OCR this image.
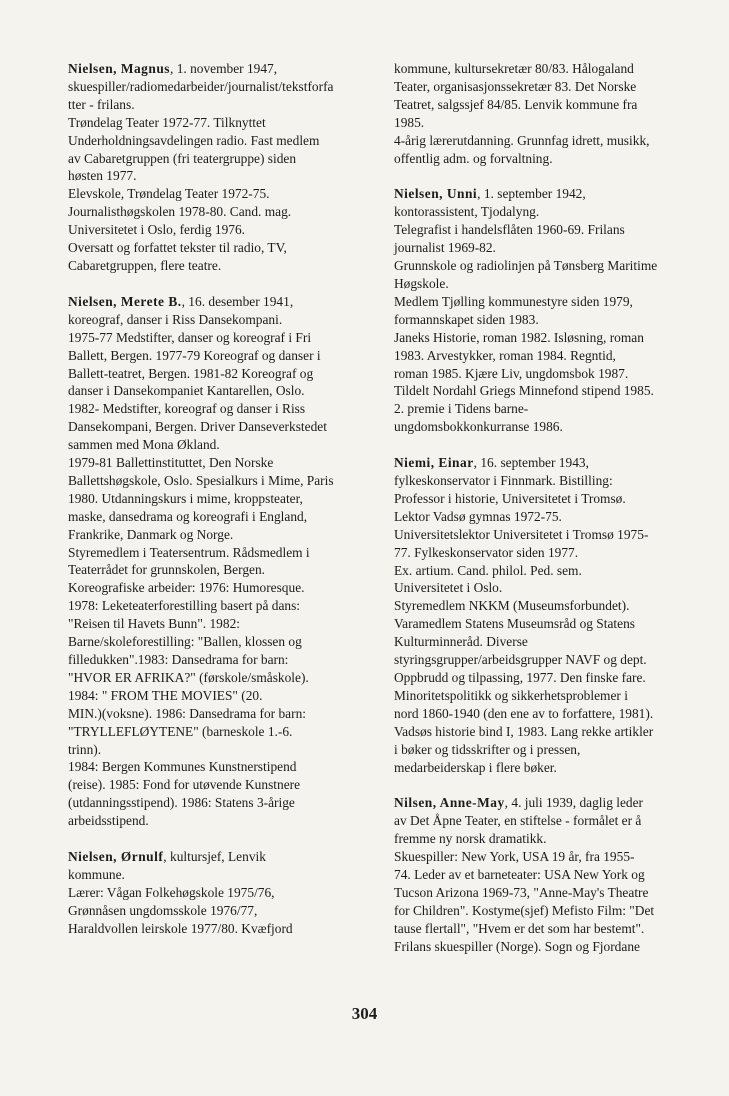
Nielsen, Magnus, 1. november 1947,
skuespiller/radiomedarbeider/journalist/tekstforfa
tter - frilans.
Trøndelag Teater 1972-77. Tilknyttet
Underholdningsavdelingen radio. Fast medlem
av Cabaretgruppen (fri teatergruppe) siden
høsten 1977.
Elevskole, Trøndelag Teater 1972-75.
Journalisthøgskolen 1978-80. Cand. mag.
Universitetet i Oslo, ferdig 1976.
Oversatt og forfattet tekster til radio, TV,
Cabaretgruppen, flere teatre.
Nielsen, Merete B., 16. desember 1941,
koreograf, danser i Riss Dansekompani.
1975-77 Medstifter, danser og koreograf i Fri
Ballett, Bergen. 1977-79 Koreograf og danser i
Ballett-teatret, Bergen. 1981-82 Koreograf og
danser i Dansekompaniet Kantarellen, Oslo.
1982- Medstifter, koreograf og danser i Riss
Dansekompani, Bergen. Driver Danseverkstedet
sammen med Mona Økland.
1979-81 Ballettinstituttet, Den Norske
Ballettshøgskole, Oslo. Spesialkurs i Mime, Paris
1980. Utdanningskurs i mime, kroppsteater,
maske, dansedrama og koreografi i England,
Frankrike, Danmark og Norge.
Styremedlem i Teatersentrum. Rådsmedlem i
Teaterrådet for grunnskolen, Bergen.
Koreografiske arbeider: 1976: Humoresque.
1978: Leketeaterforestilling basert på dans:
"Reisen til Havets Bunn". 1982:
Barne/skoleforestilling: "Ballen, klossen og
filledukken".1983: Dansedrama for barn:
"HVOR ER AFRIKA?" (førskole/småskole).
1984: " FROM THE MOVIES" (20.
MIN.)(voksne). 1986: Dansedrama for barn:
"TRYLLEFLØYTENE" (barneskole 1.-6.
trinn).
1984: Bergen Kommunes Kunstnerstipend
(reise). 1985: Fond for utøvende Kunstnere
(utdanningsstipend). 1986: Statens 3-årige
arbeidsstipend.
Nielsen, Ørnulf, kultursjef, Lenvik
kommune.
Lærer: Vågan Folkehøgskole 1975/76,
Grønnåsen ungdomsskole 1976/77,
Haraldvollen leirskole 1977/80. Kvæfjord
kommune, kultursekretær 80/83. Hålogaland
Teater, organisasjonssekretær 83. Det Norske
Teatret, salgssjef 84/85. Lenvik kommune fra
1985.
4-årig lærerutdanning. Grunnfag idrett, musikk,
offentlig adm. og forvaltning.
Nielsen, Unni, 1. september 1942,
kontorassistent, Tjodalyng.
Telegrafist i handelsflåten 1960-69. Frilans
journalist 1969-82.
Grunnskole og radiolinjen på Tønsberg Maritime
Høgskole.
Medlem Tjølling kommunestyre siden 1979,
formannskapet siden 1983.
Janeks Historie, roman 1982. Isløsning, roman
1983. Arvestykker, roman 1984. Regntid,
roman 1985. Kjære Liv, ungdomsbok 1987.
Tildelt Nordahl Griegs Minnefond stipend 1985.
2. premie i Tidens barne-
ungdomsbokkonkurranse 1986.
Niemi, Einar, 16. september 1943,
fylkeskonservator i Finnmark. Bistilling:
Professor i historie, Universitetet i Tromsø.
Lektor Vadsø gymnas 1972-75.
Universitetslektor Universitetet i Tromsø 1975-
77. Fylkeskonservator siden 1977.
Ex. artium. Cand. philol. Ped. sem.
Universitetet i Oslo.
Styremedlem NKKM (Museumsforbundet).
Varamedlem Statens Museumsråd og Statens
Kulturminneråd. Diverse
styringsgrupper/arbeidsgrupper NAVF og dept.
Oppbrudd og tilpassing, 1977. Den finske fare.
Minoritetspolitikk og sikkerhetsproblemer i
nord 1860-1940 (den ene av to forfattere, 1981).
Vadsøs historie bind I, 1983. Lang rekke artikler
i bøker og tidsskrifter og i pressen,
medarbeiderskap i flere bøker.
Nilsen, Anne-May, 4. juli 1939, daglig leder
av Det Åpne Teater, en stiftelse - formålet er å
fremme ny norsk dramatikk.
Skuespiller: New York, USA 19 år, fra 1955-
74. Leder av et barneteater: USA New York og
Tucson Arizona 1969-73, "Anne-May's Theatre
for Children". Kostyme(sjef) Mefisto Film: "Det
tause flertall", "Hvem er det som har bestemt".
Frilans skuespiller (Norge). Sogn og Fjordane
304
